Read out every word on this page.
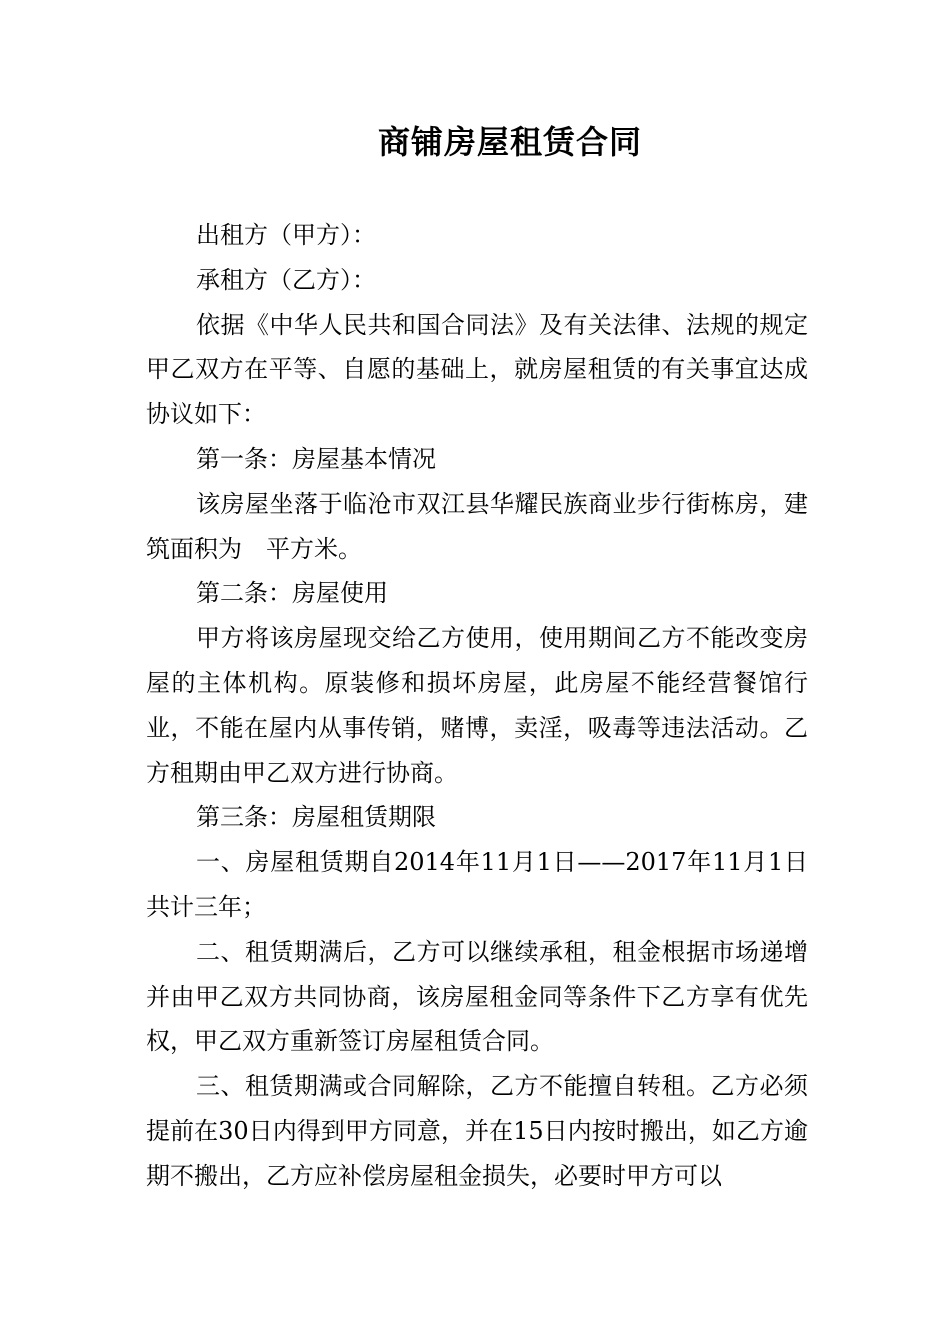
商铺房屋租赁合同

出租方（甲方）：

承租方（乙方）：

依据《中华人民共和国合同法》及有关法律、法规的规定甲乙双方在平等、自愿的基础上，就房屋租赁的有关事宜达成协议如下：

第一条：房屋基本情况

该房屋坐落于临沧市双江县华耀民族商业步行街栋房，建筑面积为　平方米。

第二条：房屋使用

甲方将该房屋现交给乙方使用，使用期间乙方不能改变房屋的主体机构。原装修和损坏房屋，此房屋不能经营餐馆行业，不能在屋内从事传销，赌博，卖淫，吸毒等违法活动。乙方租期由甲乙双方进行协商。

第三条：房屋租赁期限

一、房屋租赁期自2014年11月1日——2017年11月1日共计三年；

二、租赁期满后，乙方可以继续承租，租金根据市场递增并由甲乙双方共同协商，该房屋租金同等条件下乙方享有优先权，甲乙双方重新签订房屋租赁合同。

三、租赁期满或合同解除，乙方不能擅自转租。乙方必须提前在30日内得到甲方同意，并在15日内按时搬出，如乙方逾期不搬出，乙方应补偿房屋租金损失，必要时甲方可以
